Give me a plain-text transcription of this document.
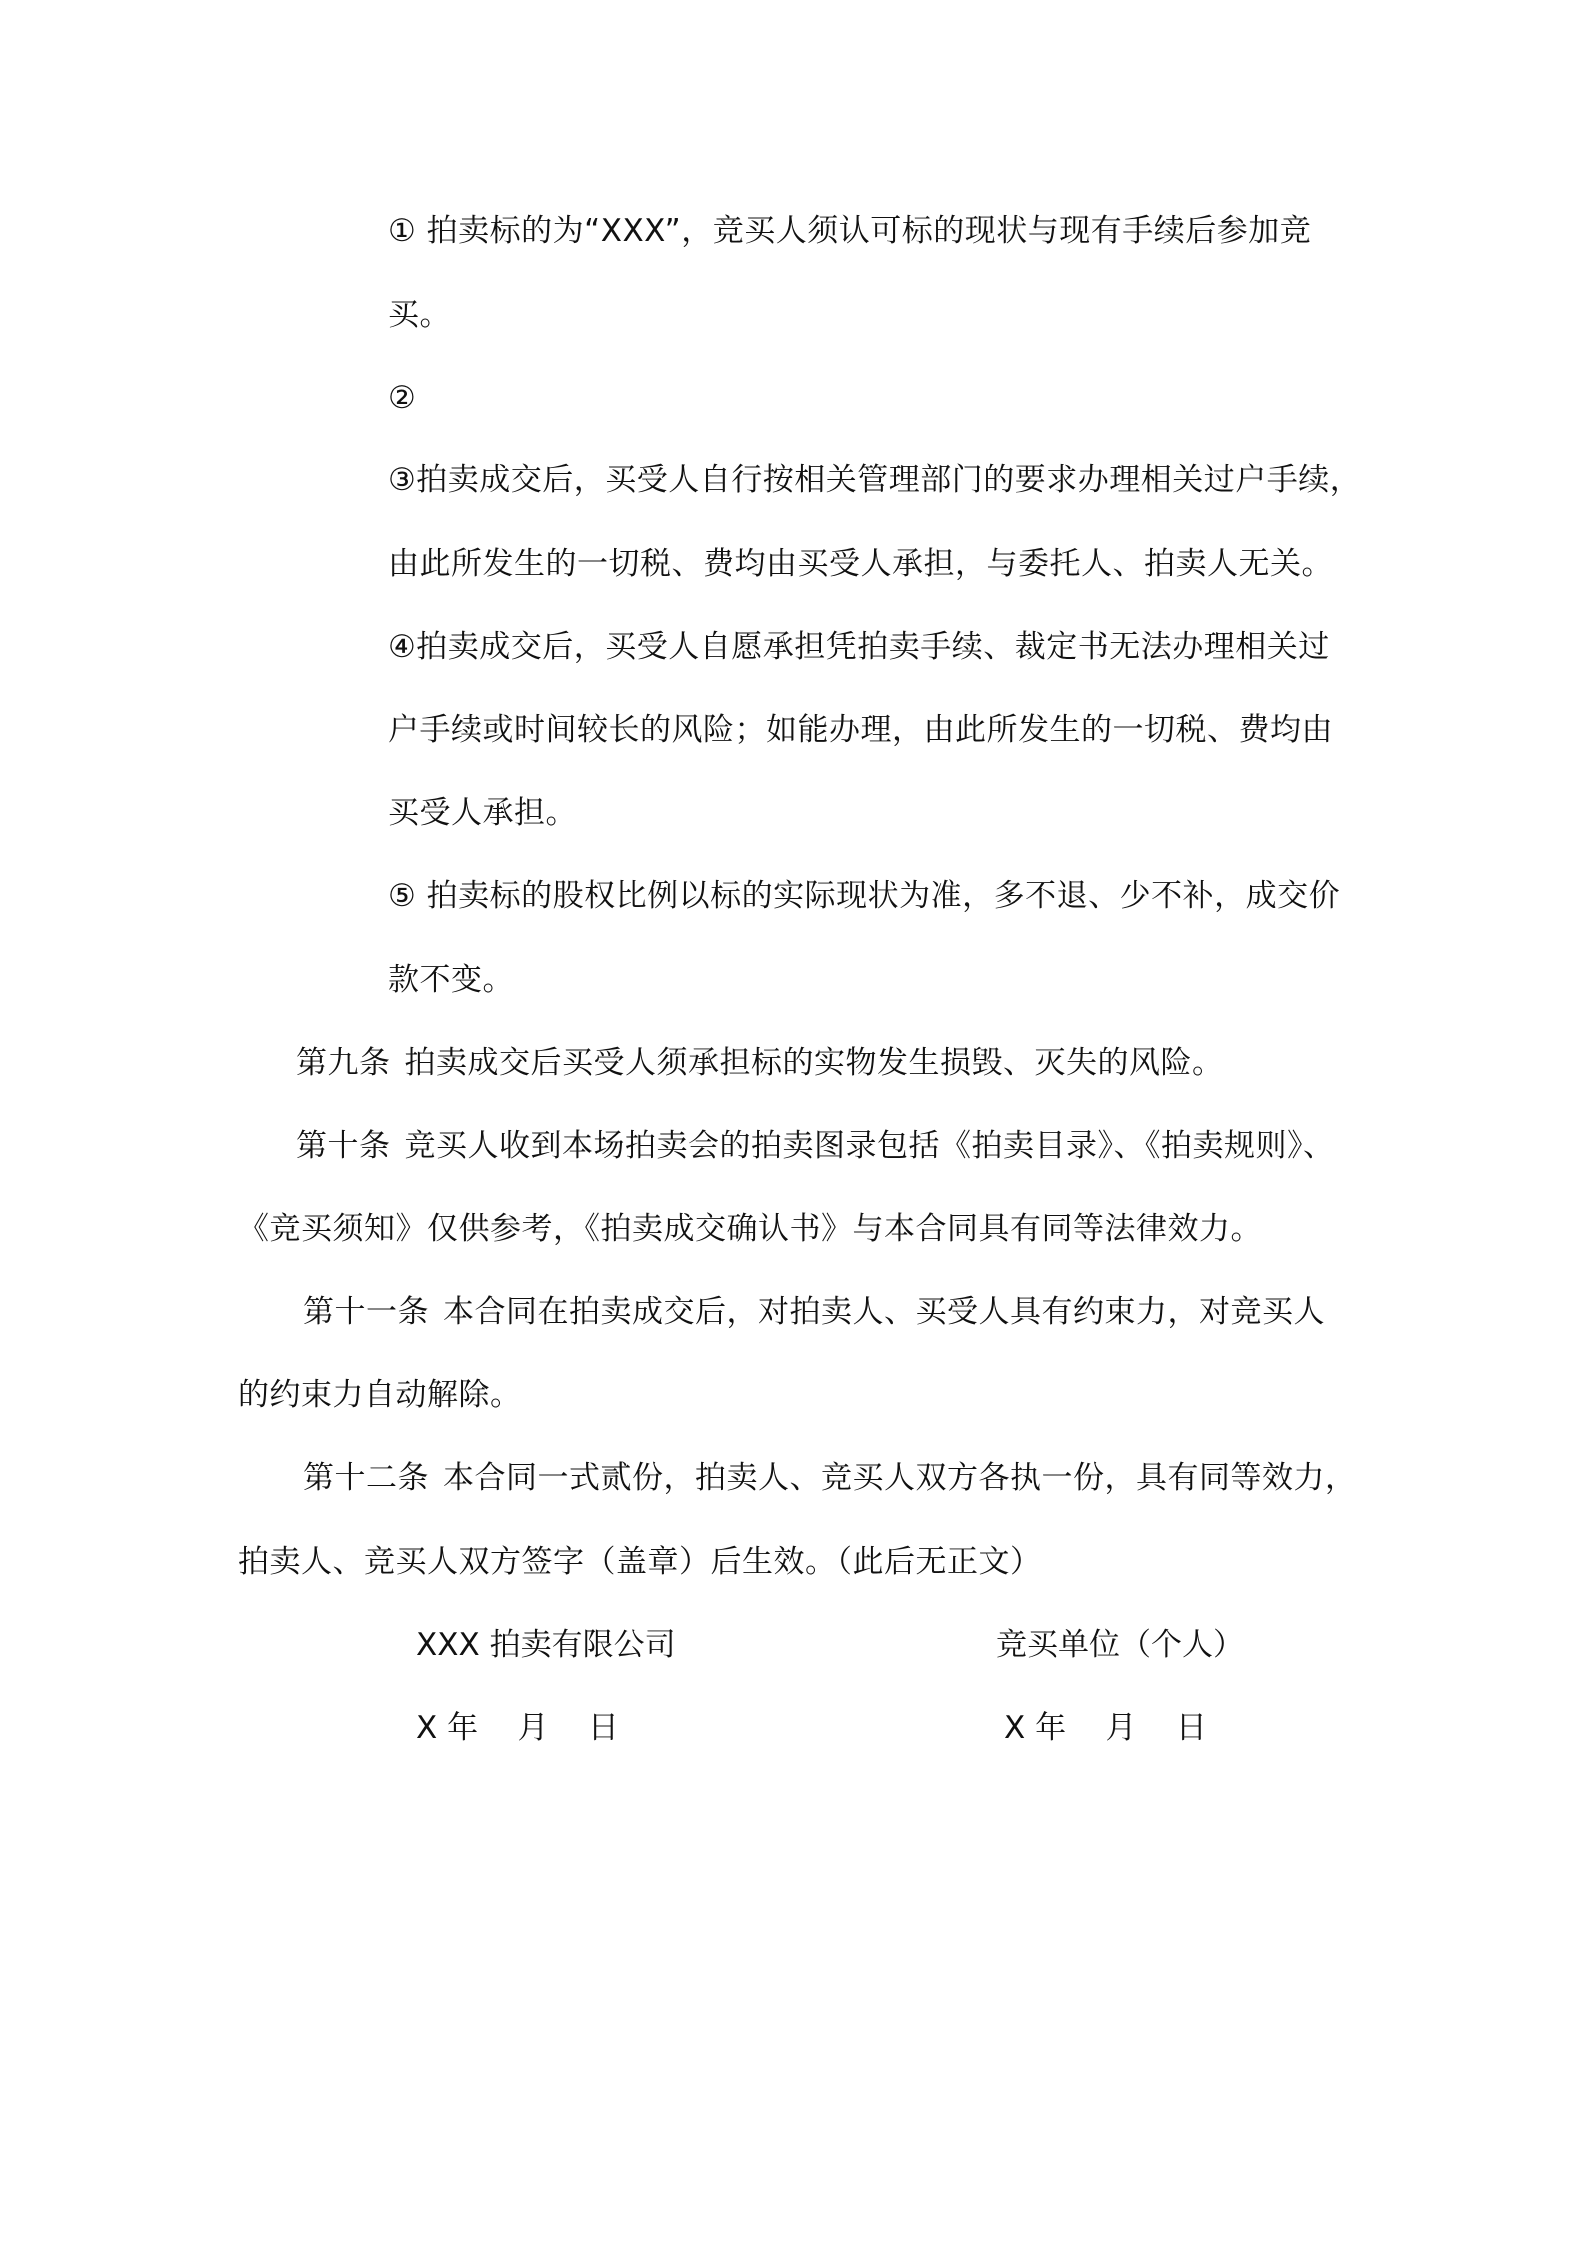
① 拍卖标的为“XXX”，竞买人须认可标的现状与现有手续后参加竞
买。
②
③拍卖成交后，买受人自行按相关管理部门的要求办理相关过户手续，
由此所发生的一切税、费均由买受人承担，与委托人、拍卖人无关。
④拍卖成交后，买受人自愿承担凭拍卖手续、裁定书无法办理相关过
户手续或时间较长的风险；如能办理，由此所发生的一切税、费均由
买受人承担。
⑤ 拍卖标的股权比例以标的实际现状为准，多不退、少不补，成交价
款不变。
第九条 拍卖成交后买受人须承担标的实物发生损毁、灭失的风险。
第十条 竞买人收到本场拍卖会的拍卖图录包括《拍卖目录》、《拍卖规则》、
《竞买须知》仅供参考，《拍卖成交确认书》与本合同具有同等法律效力。
第十一条 本合同在拍卖成交后，对拍卖人、买受人具有约束力，对竞买人
的约束力自动解除。
第十二条 本合同一式贰份，拍卖人、竞买人双方各执一份，具有同等效力，
拍卖人、竞买人双方签字（盖章）后生效。（此后无正文）
XXX 拍卖有限公司	竞买单位（个人）
X 年    月    日	X 年    月    日
